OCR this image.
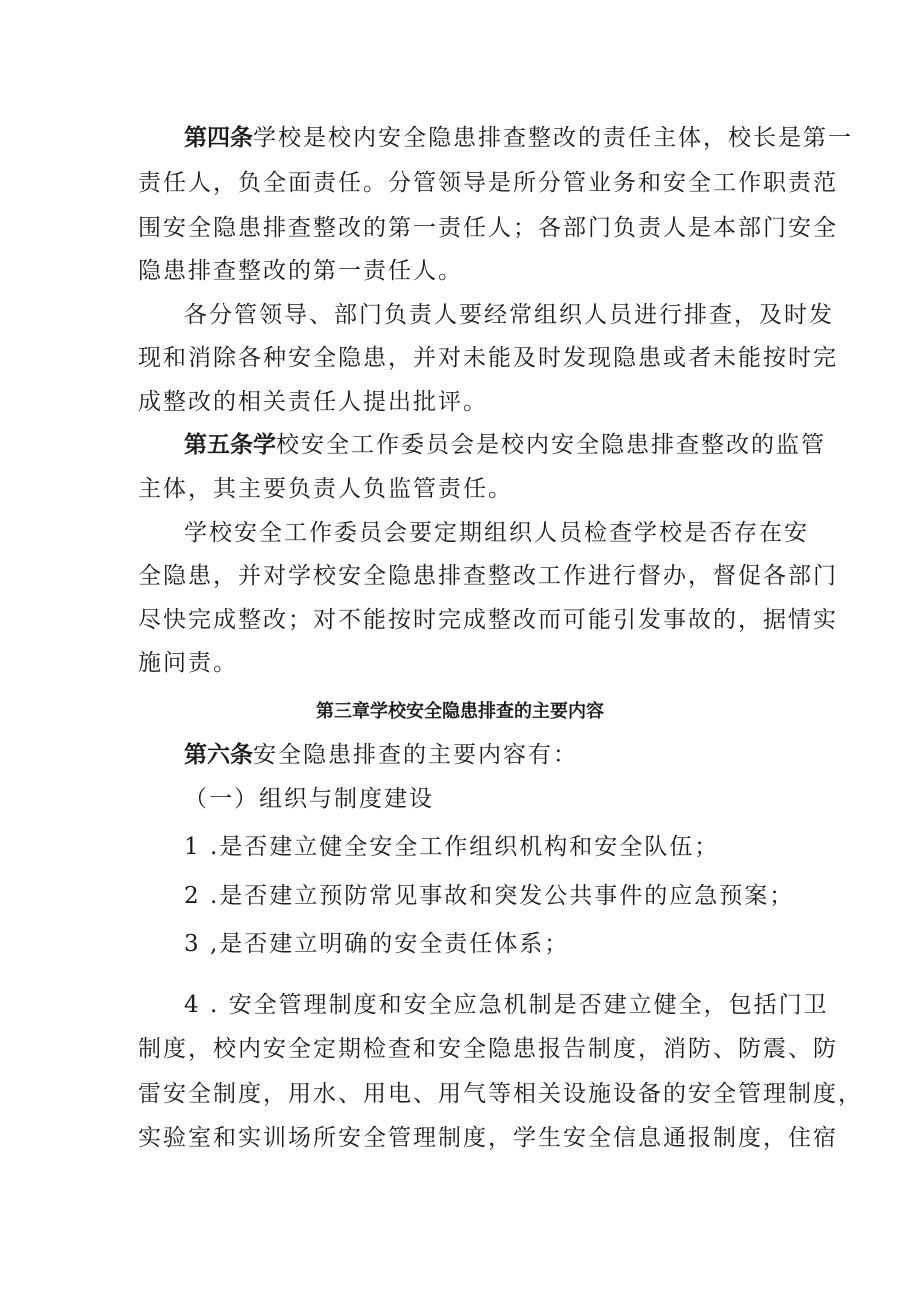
第四条学校是校内安全隐患排查整改的责任主体，校长是第一
责任人，负全面责任。分管领导是所分管业务和安全工作职责范
围安全隐患排查整改的第一责任人；各部门负责人是本部门安全
隐患排查整改的第一责任人。
各分管领导、部门负责人要经常组织人员进行排查，及时发
现和消除各种安全隐患，并对未能及时发现隐患或者未能按时完
成整改的相关责任人提出批评。
第五条学校安全工作委员会是校内安全隐患排查整改的监管
主体，其主要负责人负监管责任。
学校安全工作委员会要定期组织人员检查学校是否存在安
全隐患，并对学校安全隐患排查整改工作进行督办，督促各部门
尽快完成整改；对不能按时完成整改而可能引发事故的，据情实
施问责。
第三章学校安全隐患排查的主要内容
第六条安全隐患排查的主要内容有：
（一）组织与制度建设
1 .是否建立健全安全工作组织机构和安全队伍；
2 .是否建立预防常见事故和突发公共事件的应急预案；
3 ,是否建立明确的安全责任体系；
4 . 安全管理制度和安全应急机制是否建立健全，包括门卫
制度，校内安全定期检查和安全隐患报告制度，消防、防震、防
雷安全制度，用水、用电、用气等相关设施设备的安全管理制度，
实验室和实训场所安全管理制度，学生安全信息通报制度，住宿
